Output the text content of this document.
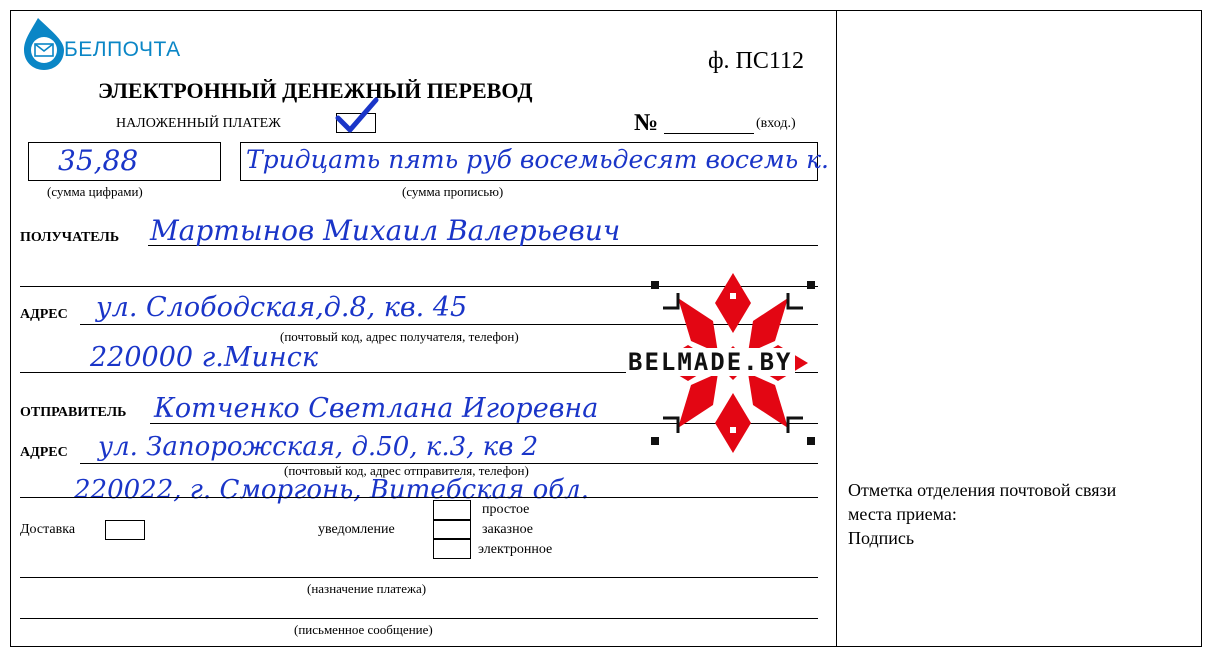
БЕЛПОЧТА	ф. ПС112
ЭЛЕКТРОННЫЙ ДЕНЕЖНЫЙ ПЕРЕВОД
НАЛОЖЕННЫЙ ПЛАТЕЖ	№	(вход.)
35,88
(сумма цифрами)
Тридцать пять руб восемьдесят восемь к.
(сумма прописью)
ПОЛУЧАТЕЛЬ Мартынов Михаил Валерьевич
АДРЕС ул. Слободская,д.8, кв. 45
(почтовый код, адрес получателя, телефон)
220000 г.Минск
ОТПРАВИТЕЛЬ Котченко Светлана Игоревна
АДРЕС ул. Запорожская, д.50, к.3, кв 2
(почтовый код, адрес отправителя, телефон)
220022, г. Сморгонь, Витебская обл.
Доставка	уведомление
простое
заказное
электронное
(назначение платежа)
(письменное сообщение)
Отметка отделения почтовой связи
места приема:
Подпись
BELMADE.BY
